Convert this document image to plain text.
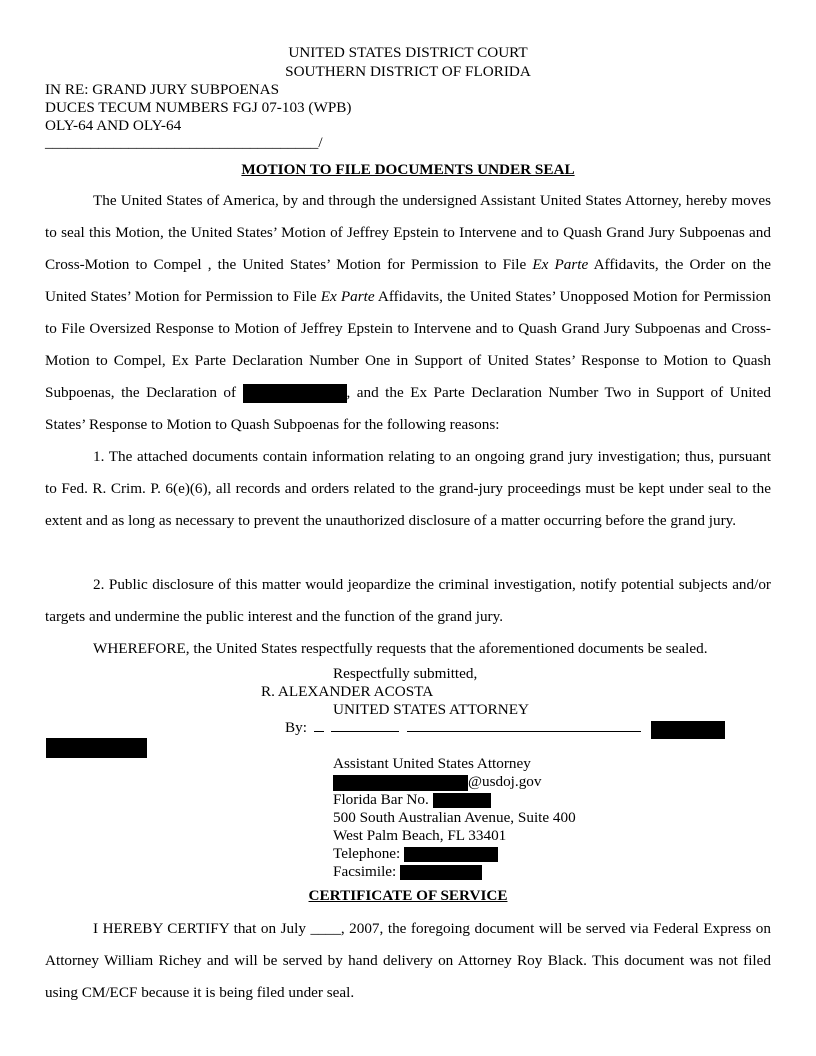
UNITED STATES DISTRICT COURT
SOUTHERN DISTRICT OF FLORIDA
IN RE: GRAND JURY SUBPOENAS
DUCES TECUM NUMBERS FGJ 07-103 (WPB)
OLY-64 AND OLY-64
____________________________________/
MOTION TO FILE DOCUMENTS UNDER SEAL
The United States of America, by and through the undersigned Assistant United States Attorney, hereby moves to seal this Motion, the United States’ Motion of Jeffrey Epstein to Intervene and to Quash Grand Jury Subpoenas and Cross-Motion to Compel , the United States’ Motion for Permission to File Ex Parte Affidavits, the Order on the United States’ Motion for Permission to File Ex Parte Affidavits, the United States’ Unopposed Motion for Permission to File Oversized Response to Motion of Jeffrey Epstein to Intervene and to Quash Grand Jury Subpoenas and Cross-Motion to Compel, Ex Parte Declaration Number One in Support of United States’ Response to Motion to Quash Subpoenas, the Declaration of	, and the Ex Parte Declaration Number Two in Support of United States’ Response to Motion to Quash Subpoenas for the following reasons:
1. The attached documents contain information relating to an ongoing grand jury investigation; thus, pursuant to Fed. R. Crim. P. 6(e)(6), all records and orders related to the grand-jury proceedings must be kept under seal to the extent and as long as necessary to prevent the unauthorized disclosure of a matter occurring before the grand jury.
2. Public disclosure of this matter would jeopardize the criminal investigation, notify potential subjects and/or targets and undermine the public interest and the function of the grand jury.
WHEREFORE, the United States respectfully requests that the aforementioned documents be sealed.
Respectfully submitted,
R. ALEXANDER ACOSTA
UNITED STATES ATTORNEY
By:
Assistant United States Attorney
@usdoj.gov
Florida Bar No.
500 South Australian Avenue, Suite 400
West Palm Beach, FL 33401
Telephone:
Facsimile:
CERTIFICATE OF SERVICE
I HEREBY CERTIFY that on July ____, 2007, the foregoing document will be served via Federal Express on Attorney William Richey and will be served by hand delivery on Attorney Roy Black. This document was not filed using CM/ECF because it is being filed under seal.
